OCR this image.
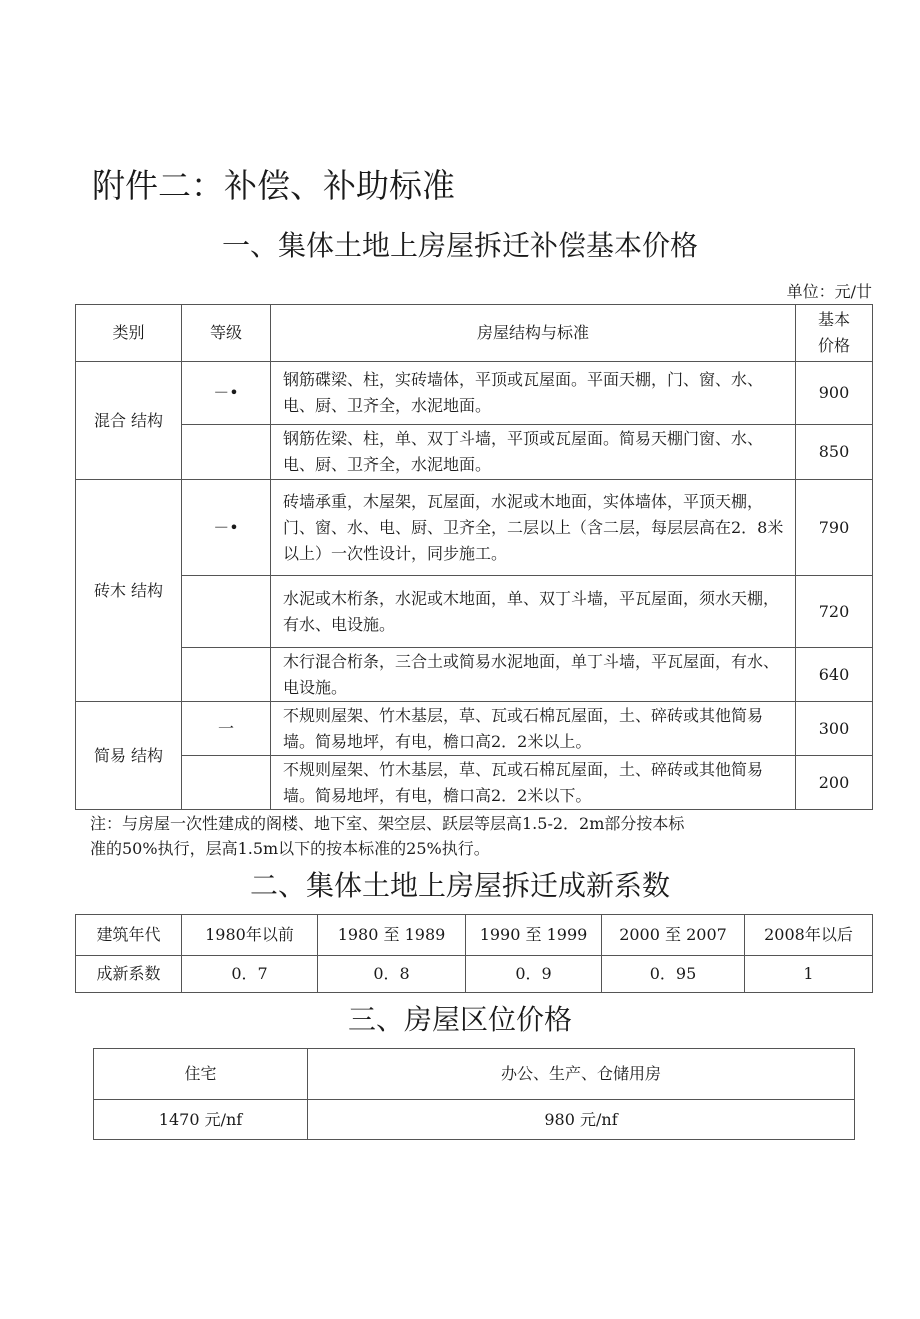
附件二：补偿、补助标准
一、集体土地上房屋拆迁补偿基本价格
单位：元/廿
类别	等级	房屋结构与标准	基本
价格
混合 结构	－•	钢筋碟梁、柱，实砖墙体，平顶或瓦屋面。平面天棚，门、窗、水、电、厨、卫齐全，水泥地面。	900
		钢筋佐梁、柱，单、双丁斗墙，平顶或瓦屋面。简易天棚门窗、水、电、厨、卫齐全，水泥地面。	850
砖木 结构	－•	砖墙承重，木屋架，瓦屋面，水泥或木地面，实体墙体，平顶天棚，门、窗、水、电、厨、卫齐全，二层以上（含二层，每层层高在2．8米以上）一次性设计，同步施工。	790
		水泥或木桁条，水泥或木地面，单、双丁斗墙，平瓦屋面，须水天棚，有水、电设施。	720
		木行混合桁条，三合土或简易水泥地面，单丁斗墙，平瓦屋面，有水、电设施。	640
简易 结构	一	不规则屋架、竹木基层，草、瓦或石棉瓦屋面，土、碎砖或其他简易墙。简易地坪，有电，檐口高2．2米以上。	300
		不规则屋架、竹木基层，草、瓦或石棉瓦屋面，土、碎砖或其他简易墙。简易地坪，有电，檐口高2．2米以下。	200
注：与房屋一次性建成的阁楼、地下室、架空层、跃层等层高1.5-2．2m部分按本标
准的50%执行，层高1.5m以下的按本标准的25%执行。
二、集体土地上房屋拆迁成新系数
建筑年代	1980年以前	1980 至 1989	1990 至 1999	2000 至 2007	2008年以后
成新系数	0．7	0．8	0．9	0．95	1
三、房屋区位价格
住宅	办公、生产、仓储用房
1470 元/nf	980 元/nf
